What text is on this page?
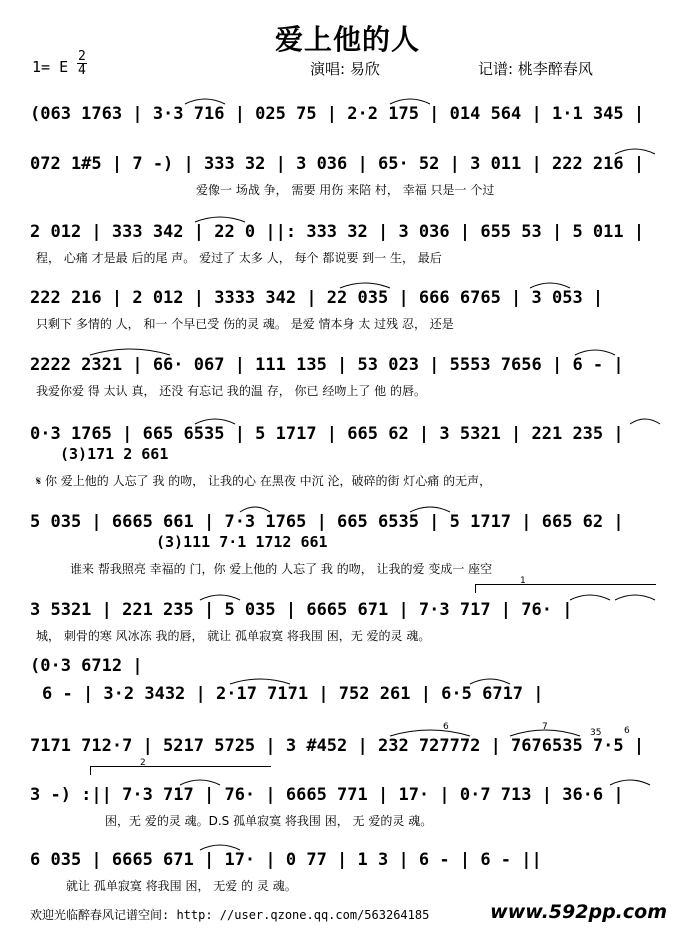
爱上他的人
1= E $\frac{2}{4}$	演唱: 易欣	记谱: 桃李醉春风
(063 1763 | 3·3 716 | 025 75 | 2·2 175 | 014 564 | 1·1 345 |
072 1#5 | 7 -) | 333 32 | 3 036 | 65· 52 | 3 011 | 222 216 |
爱像一 场战 争， 需要 用伤 来陪 村， 幸福 只是一 个过
2 012 | 333 342 | 22 0 ||: 333 32 | 3 036 | 655 53 | 5 011 |
程， 心痛 才是最 后的尾 声。 爱过了 太多 人， 每个 都说要 到一 生， 最后
222 216 | 2 012 | 3333 342 | 22 035 | 666 6765 | 3 053 |
只剩下 多情的 人， 和一 个早已受 伤的灵 魂。 是爱 情本身 太 过残 忍， 还是
2222 2321 | 66· 067 | 111 135 | 53 023 | 5553 7656 | 6 - |
我爱你爱 得 太认 真， 还没 有忘记 我的温 存， 你已 经吻上了 他 的唇。
0·3 1765 | 665 6535 | 5 1717 | 665 62 | 3 5321 | 221 235 |
(3)171 2 661
𝄋 你 爱上他的 人忘了 我 的吻， 让我的心 在黑夜 中沉 沦，破碎的街 灯心痛 的无声，
5 035 | 6665 661 | 7·3 1765 | 665 6535 | 5 1717 | 665 62 |
(3)111 7·1 1712 661
谁来 帮我照亮 幸福的 门，你 爱上他的 人忘了 我 的吻， 让我的爱 变成一 座空
1
3 5321 | 221 235 | 5 035 | 6665 671 | 7·3 717 | 76· |
城， 刺骨的寒 风冰冻 我的唇， 就让 孤单寂寞 将我围 困，无 爱的灵 魂。
(0·3 6712 |
6 - | 3·2 3432 | 2·17 7171 | 752 261 | 6·5 6717 |
7171 712·7 | 5217 5725 | 3 #452 | 232 727772 | 7676535 7·5 |
6	7
35	6
2
3 -) :|| 7·3 717 | 76· | 6665 771 | 17· | 0·7 713 | 36·6 |
困，无 爱的灵 魂。D.S 孤单寂寞 将我围 困， 无 爱的灵 魂。
6 035 | 6665 671 | 17· | 0 77 | 1 3 | 6 - | 6 - ||
就让 孤单寂寞 将我围 困， 无爱 的 灵 魂。
欢迎光临醉春风记谱空间: http: //user.qzone.qq.com/563264185	www.592pp.com
